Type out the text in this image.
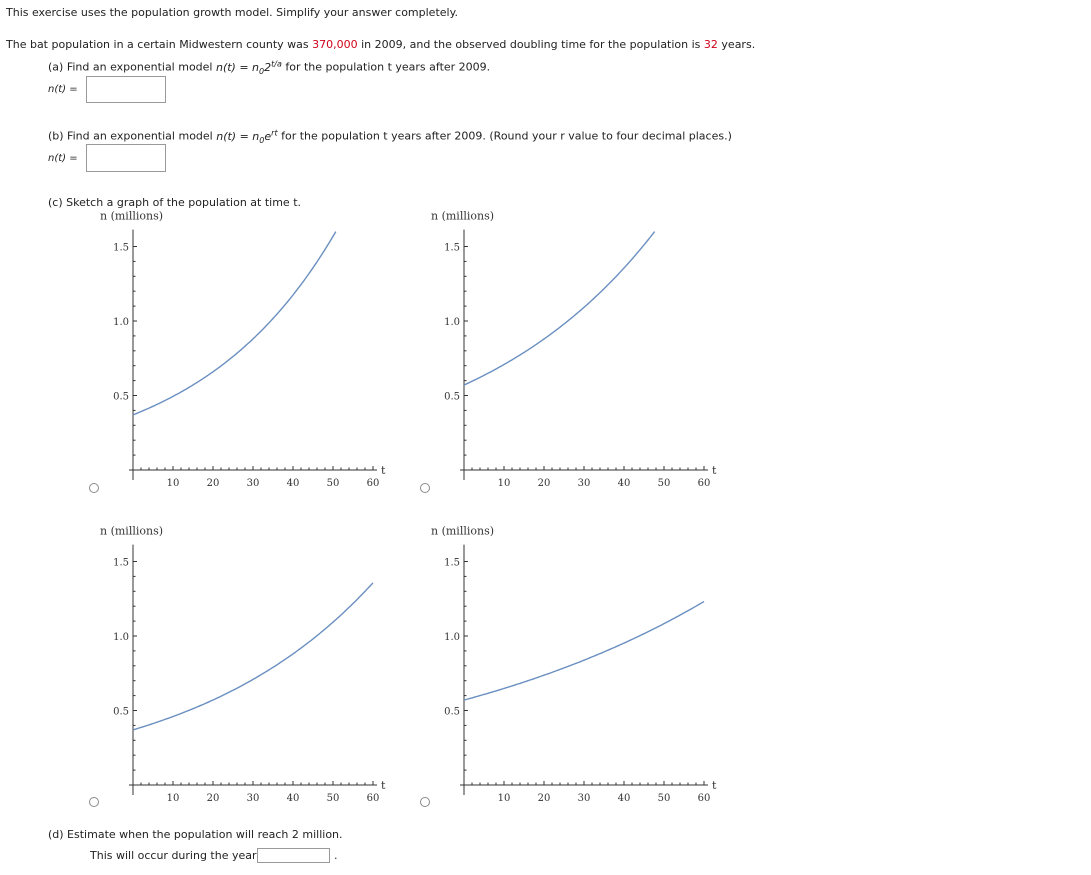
This exercise uses the population growth model. Simplify your answer completely.
The bat population in a certain Midwestern county was 370,000 in 2009, and the observed doubling time for the population is 32 years.
(a) Find an exponential model $n(t) = n_02^{t/a}$ for the population t years after 2009.
n(t) =
(b) Find an exponential model $n(t) = n_0e^{rt}$ for the population t years after 2009. (Round your r value to four decimal places.)
n(t) =
(c) Sketch a graph of the population at time t.
10	20	30	40	50	60
0.5
1.0
1.5
n (millions)
t
10	20	30	40	50	60
0.5
1.0
1.5
n (millions)
t
10	20	30	40	50	60
0.5
1.0
1.5
n (millions)
t
10	20	30	40	50	60
0.5
1.0
1.5
n (millions)
t
(d) Estimate when the population will reach 2 million.
This will occur during the year	.
